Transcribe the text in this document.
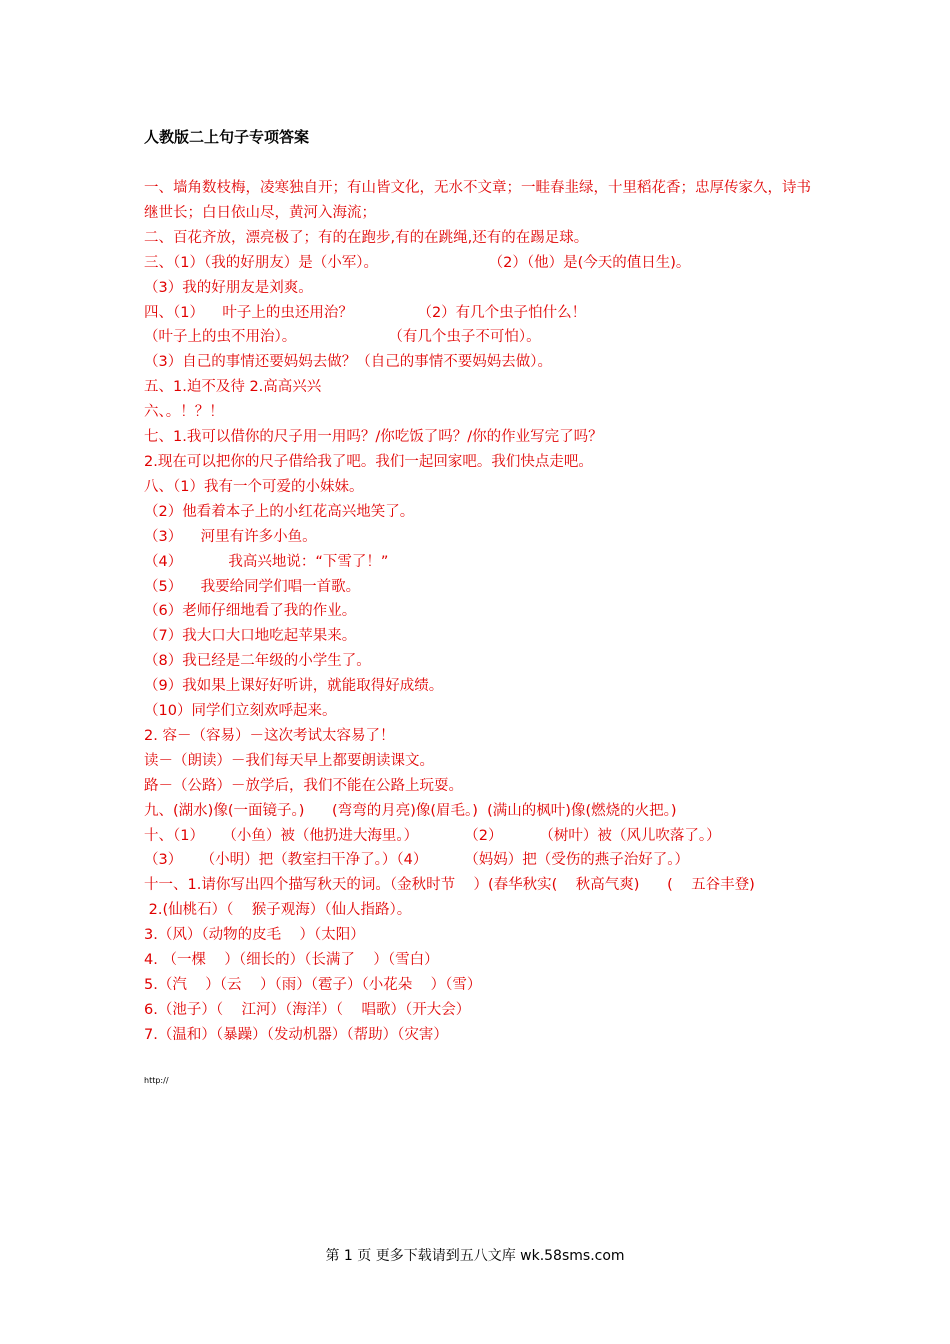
人教版二上句子专项答案
一、墙角数枝梅，凌寒独自开；有山皆文化，无水不文章；一畦春韭绿，十里稻花香；忠厚传家久，诗书继世长；白日依山尽，黄河入海流；
二、百花齐放，漂亮极了；有的在跑步,有的在跳绳,还有的在踢足球。
三、（1）（我的好朋友）是（小军）。                        （2）（他）是(今天的值日生)。
（3）我的好朋友是刘爽。
四、（1）    叶子上的虫还用治？              （2）有几个虫子怕什么！
（叶子上的虫不用治）。                    （有几个虫子不可怕）。
（3）自己的事情还要妈妈去做？（自己的事情不要妈妈去做）。
五、1.迫不及待 2.高高兴兴
六、。！？！
七、1.我可以借你的尺子用一用吗？/你吃饭了吗？/你的作业写完了吗？
2.现在可以把你的尺子借给我了吧。我们一起回家吧。我们快点走吧。
八、（1）我有一个可爱的小妹妹。
（2）他看着本子上的小红花高兴地笑了。
（3）    河里有许多小鱼。
（4）          我高兴地说：“下雪了！”
（5）    我要给同学们唱一首歌。
（6）老师仔细地看了我的作业。
（7）我大口大口地吃起苹果来。
（8）我已经是二年级的小学生了。
（9）我如果上课好好听讲，就能取得好成绩。
（10）同学们立刻欢呼起来。
2. 容－（容易）－这次考试太容易了！
读－（朗读）－我们每天早上都要朗读课文。
路－（公路）－放学后，我们不能在公路上玩耍。
九、(湖水)像(一面镜子。)      (弯弯的月亮)像(眉毛。)  (满山的枫叶)像(燃烧的火把。)
十、（1）    （小鱼）被（他扔进大海里。）          （2）        （树叶）被（风儿吹落了。）
（3）    （小明）把（教室扫干净了。）（4）        （妈妈）把（受伤的燕子治好了。）
十一、1.请你写出四个描写秋天的词。（金秋时节    ）(春华秋实(    秋高气爽)      (    五谷丰登)
2.(仙桃石）（    猴子观海）（仙人指路）。
3.（风）（动物的皮毛    ）（太阳）
4. （一棵    ）（细长的）（长满了    ）（雪白）
5.（汽    ）（云    ）（雨）（雹子）（小花朵    ）（雪）
6.（池子）（    江河）（海洋）（    唱歌）（开大会）
7.（温和）（暴躁）（发动机器）（帮助）（灾害）
http://
第 1 页 更多下载请到五八文库 wk.58sms.com
